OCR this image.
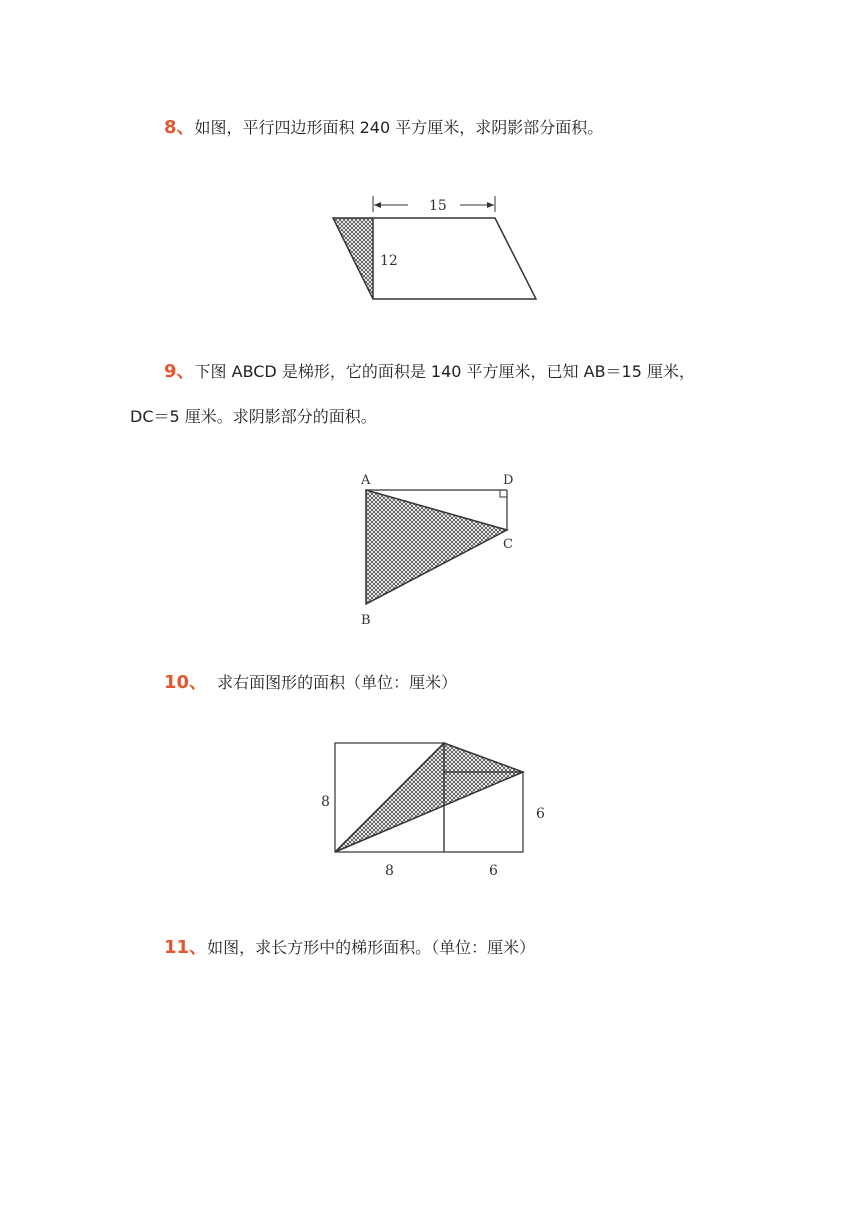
8、如图，平行四边形面积 240 平方厘米，求阴影部分面积。
15
12
9、下图 ABCD 是梯形，它的面积是 140 平方厘米，已知 AB＝15 厘米，
DC＝5 厘米。求阴影部分的面积。
A	D
C
B
10、 求右面图形的面积（单位：厘米）
8
6
8	6
11、如图，求长方形中的梯形面积。（单位：厘米）
